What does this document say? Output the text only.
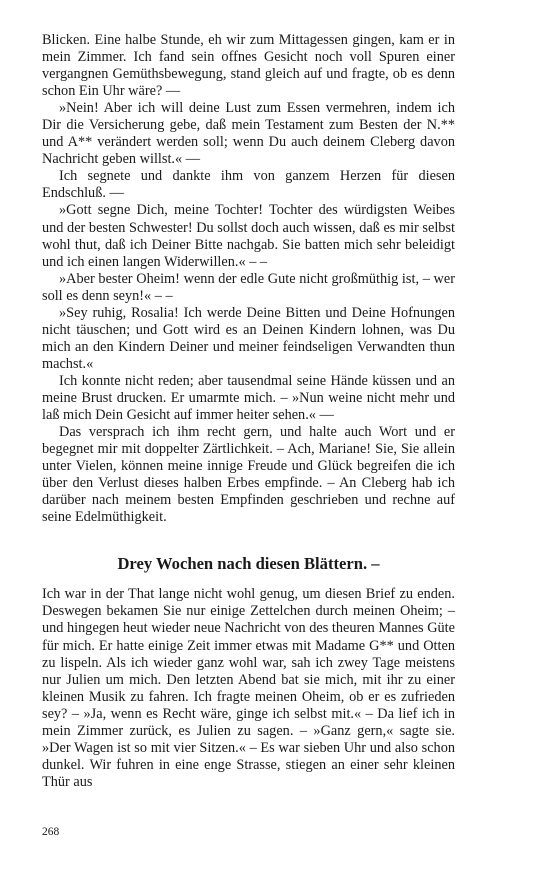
Blicken. Eine halbe Stunde, eh wir zum Mittagessen gingen, kam er in mein Zimmer. Ich fand sein offnes Gesicht noch voll Spuren einer vergangnen Gemüthsbewegung, stand gleich auf und fragte, ob es denn schon Ein Uhr wäre? ––

»Nein! Aber ich will deine Lust zum Essen vermehren, indem ich Dir die Versicherung gebe, daß mein Testament zum Besten der N.** und A** verändert werden soll; wenn Du auch deinem Cleberg davon Nachricht geben willst.« ––

Ich segnete und dankte ihm von ganzem Herzen für diesen Endschluß. ––

»Gott segne Dich, meine Tochter! Tochter des würdigsten Weibes und der besten Schwester! Du sollst doch auch wissen, daß es mir selbst wohl thut, daß ich Deiner Bitte nachgab. Sie batten mich sehr beleidigt und ich einen langen Widerwillen.« – –

»Aber bester Oheim! wenn der edle Gute nicht großmüthig ist, – wer soll es denn seyn!« – –

»Sey ruhig, Rosalia! Ich werde Deine Bitten und Deine Hofnungen nicht täuschen; und Gott wird es an Deinen Kindern lohnen, was Du mich an den Kindern Deiner und meiner feindseligen Verwandten thun machst.«

Ich konnte nicht reden; aber tausendmal seine Hände küssen und an meine Brust drucken. Er umarmte mich. – »Nun weine nicht mehr und laß mich Dein Gesicht auf immer heiter sehen.« ––

Das versprach ich ihm recht gern, und halte auch Wort und er begegnet mir mit doppelter Zärtlichkeit. – Ach, Mariane! Sie, Sie allein unter Vielen, können meine innige Freude und Glück begreifen die ich über den Verlust dieses halben Erbes empfinde. – An Cleberg hab ich darüber nach meinem besten Empfinden geschrieben und rechne auf seine Edelmüthigkeit.

Drey Wochen nach diesen Blättern. –

Ich war in der That lange nicht wohl genug, um diesen Brief zu enden. Deswegen bekamen Sie nur einige Zettelchen durch meinen Oheim; – und hingegen heut wieder neue Nachricht von des theuren Mannes Güte für mich. Er hatte einige Zeit immer etwas mit Madame G** und Otten zu lispeln. Als ich wieder ganz wohl war, sah ich zwey Tage meistens nur Julien um mich. Den letzten Abend bat sie mich, mit ihr zu einer kleinen Musik zu fahren. Ich fragte meinen Oheim, ob er es zufrieden sey? – »Ja, wenn es Recht wäre, ginge ich selbst mit.« – Da lief ich in mein Zimmer zurück, es Julien zu sagen. – »Ganz gern,« sagte sie. »Der Wagen ist so mit vier Sitzen.« – Es war sieben Uhr und also schon dunkel. Wir fuhren in eine enge Strasse, stiegen an einer sehr kleinen Thür aus

268
